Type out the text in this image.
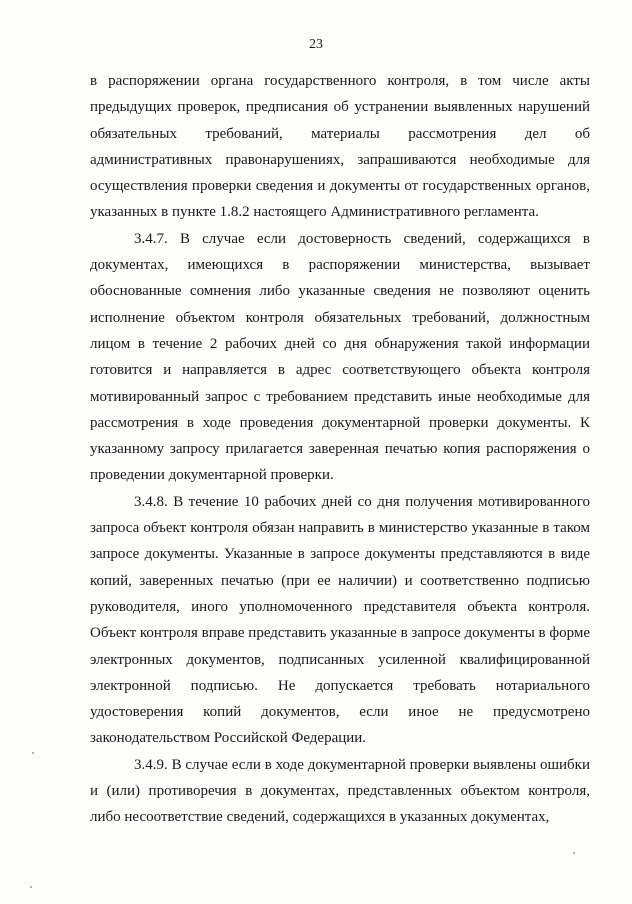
23

в распоряжении органа государственного контроля, в том числе акты предыдущих проверок, предписания об устранении выявленных нарушений обязательных требований, материалы рассмотрения дел об административных правонарушениях, запрашиваются необходимые для осуществления проверки сведения и документы от государственных органов, указанных в пункте 1.8.2 настоящего Административного регламента.

3.4.7. В случае если достоверность сведений, содержащихся в документах, имеющихся в распоряжении министерства, вызывает обоснованные сомнения либо указанные сведения не позволяют оценить исполнение объектом контроля обязательных требований, должностным лицом в течение 2 рабочих дней со дня обнаружения такой информации готовится и направляется в адрес соответствующего объекта контроля мотивированный запрос с требованием представить иные необходимые для рассмотрения в ходе проведения документарной проверки документы. К указанному запросу прилагается заверенная печатью копия распоряжения о проведении документарной проверки.

3.4.8. В течение 10 рабочих дней со дня получения мотивированного запроса объект контроля обязан направить в министерство указанные в таком запросе документы. Указанные в запросе документы представляются в виде копий, заверенных печатью (при ее наличии) и соответственно подписью руководителя, иного уполномоченного представителя объекта контроля. Объект контроля вправе представить указанные в запросе документы в форме электронных документов, подписанных усиленной квалифицированной электронной подписью. Не допускается требовать нотариального удостоверения копий документов, если иное не предусмотрено законодательством Российской Федерации.

3.4.9. В случае если в ходе документарной проверки выявлены ошибки и (или) противоречия в документах, представленных объектом контроля, либо несоответствие сведений, содержащихся в указанных документах,
